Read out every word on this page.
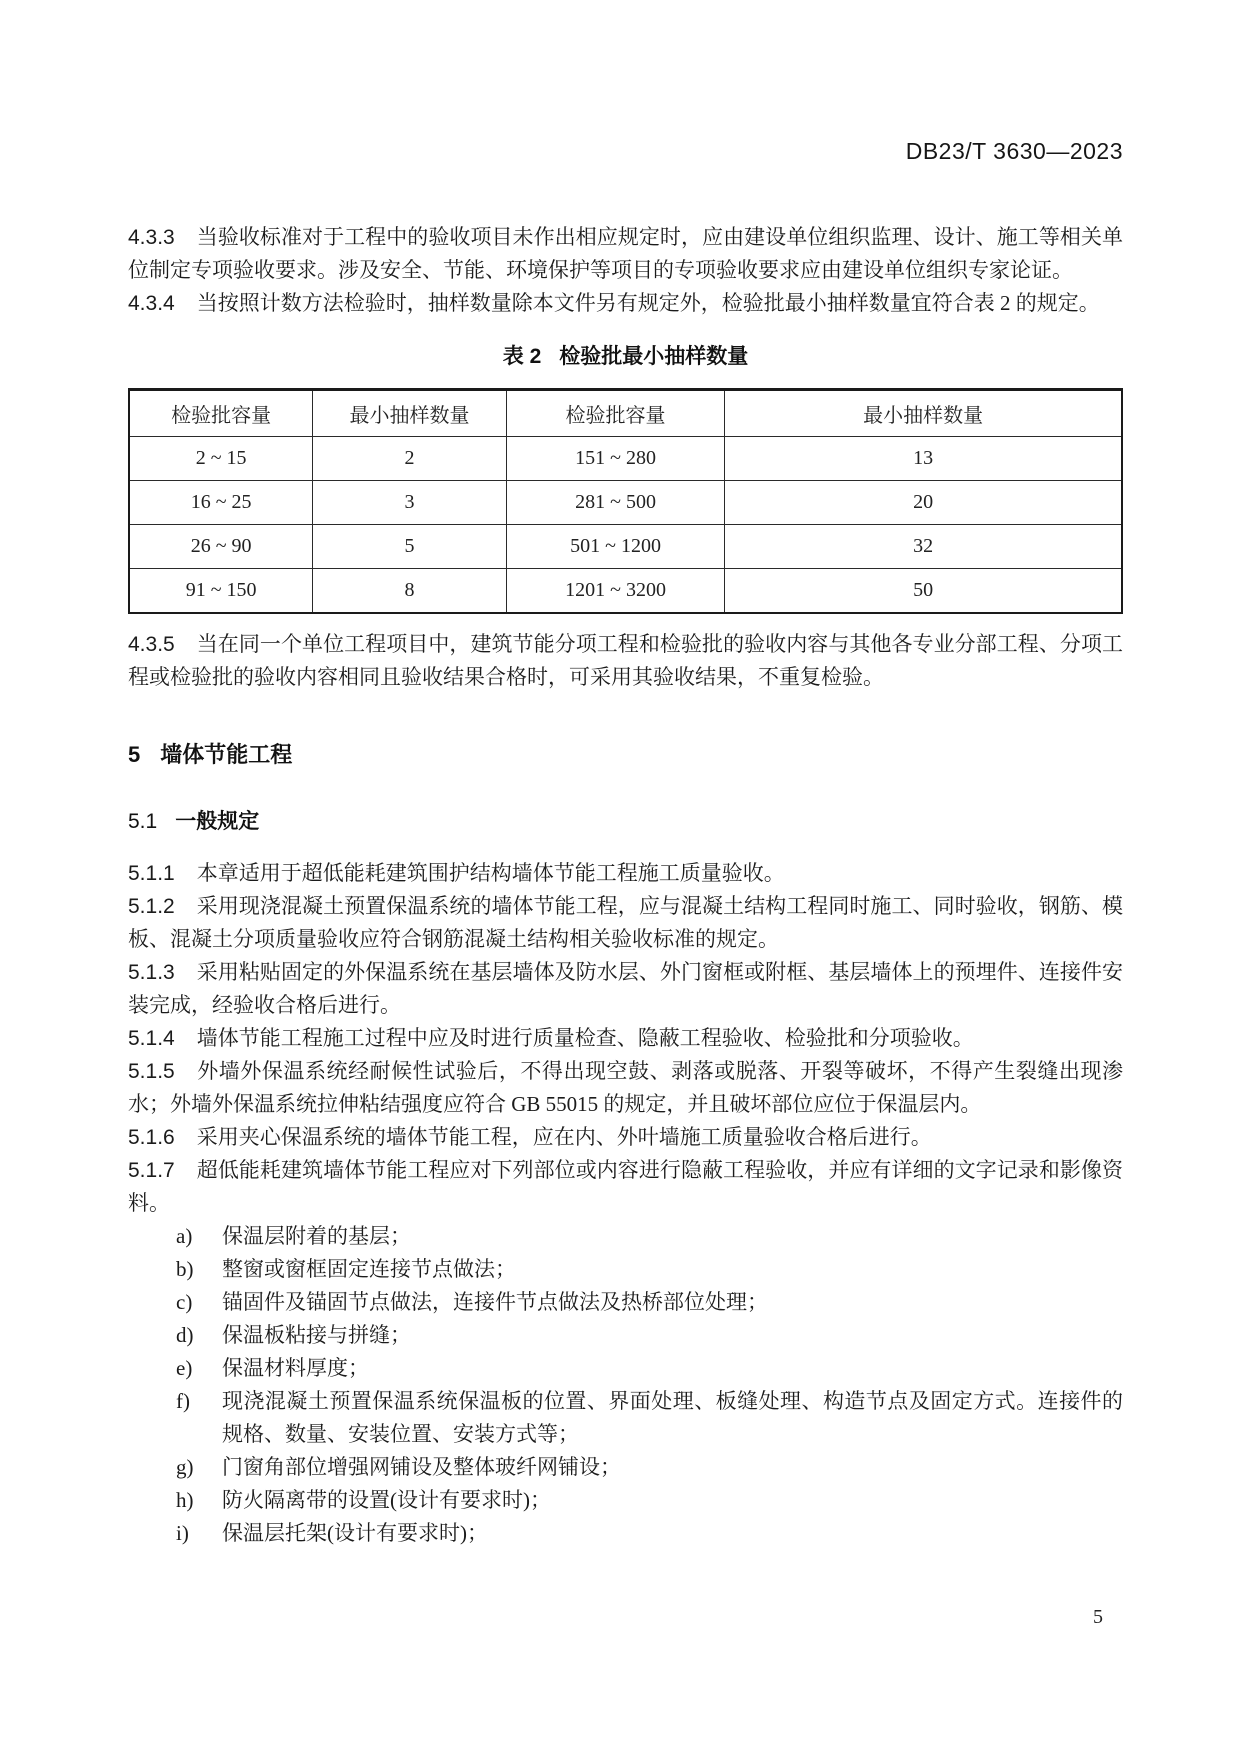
DB23/T 3630—2023

4.3.3 当验收标准对于工程中的验收项目未作出相应规定时，应由建设单位组织监理、设计、施工等相关单位制定专项验收要求。涉及安全、节能、环境保护等项目的专项验收要求应由建设单位组织专家论证。

4.3.4 当按照计数方法检验时，抽样数量除本文件另有规定外，检验批最小抽样数量宜符合表 2 的规定。

表 2 检验批最小抽样数量
检验批容量	最小抽样数量	检验批容量	最小抽样数量
2 ~ 15	2	151 ~ 280	13
16 ~ 25	3	281 ~ 500	20
26 ~ 90	5	501 ~ 1200	32
91 ~ 150	8	1201 ~ 3200	50

4.3.5 当在同一个单位工程项目中，建筑节能分项工程和检验批的验收内容与其他各专业分部工程、分项工程或检验批的验收内容相同且验收结果合格时，可采用其验收结果，不重复检验。

5 墙体节能工程
5.1 一般规定

5.1.1 本章适用于超低能耗建筑围护结构墙体节能工程施工质量验收。

5.1.2 采用现浇混凝土预置保温系统的墙体节能工程，应与混凝土结构工程同时施工、同时验收，钢筋、模板、混凝土分项质量验收应符合钢筋混凝土结构相关验收标准的规定。

5.1.3 采用粘贴固定的外保温系统在基层墙体及防水层、外门窗框或附框、基层墙体上的预埋件、连接件安装完成，经验收合格后进行。

5.1.4 墙体节能工程施工过程中应及时进行质量检查、隐蔽工程验收、检验批和分项验收。

5.1.5 外墙外保温系统经耐候性试验后，不得出现空鼓、剥落或脱落、开裂等破坏，不得产生裂缝出现渗水；外墙外保温系统拉伸粘结强度应符合 GB 55015 的规定，并且破坏部位应位于保温层内。

5.1.6 采用夹心保温系统的墙体节能工程，应在内、外叶墙施工质量验收合格后进行。

5.1.7 超低能耗建筑墙体节能工程应对下列部位或内容进行隐蔽工程验收，并应有详细的文字记录和影像资料。

a) 保温层附着的基层；
b) 整窗或窗框固定连接节点做法；
c) 锚固件及锚固节点做法，连接件节点做法及热桥部位处理；
d) 保温板粘接与拼缝；
e) 保温材料厚度；
f) 现浇混凝土预置保温系统保温板的位置、界面处理、板缝处理、构造节点及固定方式。连接件的规格、数量、安装位置、安装方式等；
g) 门窗角部位增强网铺设及整体玻纤网铺设；
h) 防火隔离带的设置(设计有要求时)；
i) 保温层托架(设计有要求时)；
5
